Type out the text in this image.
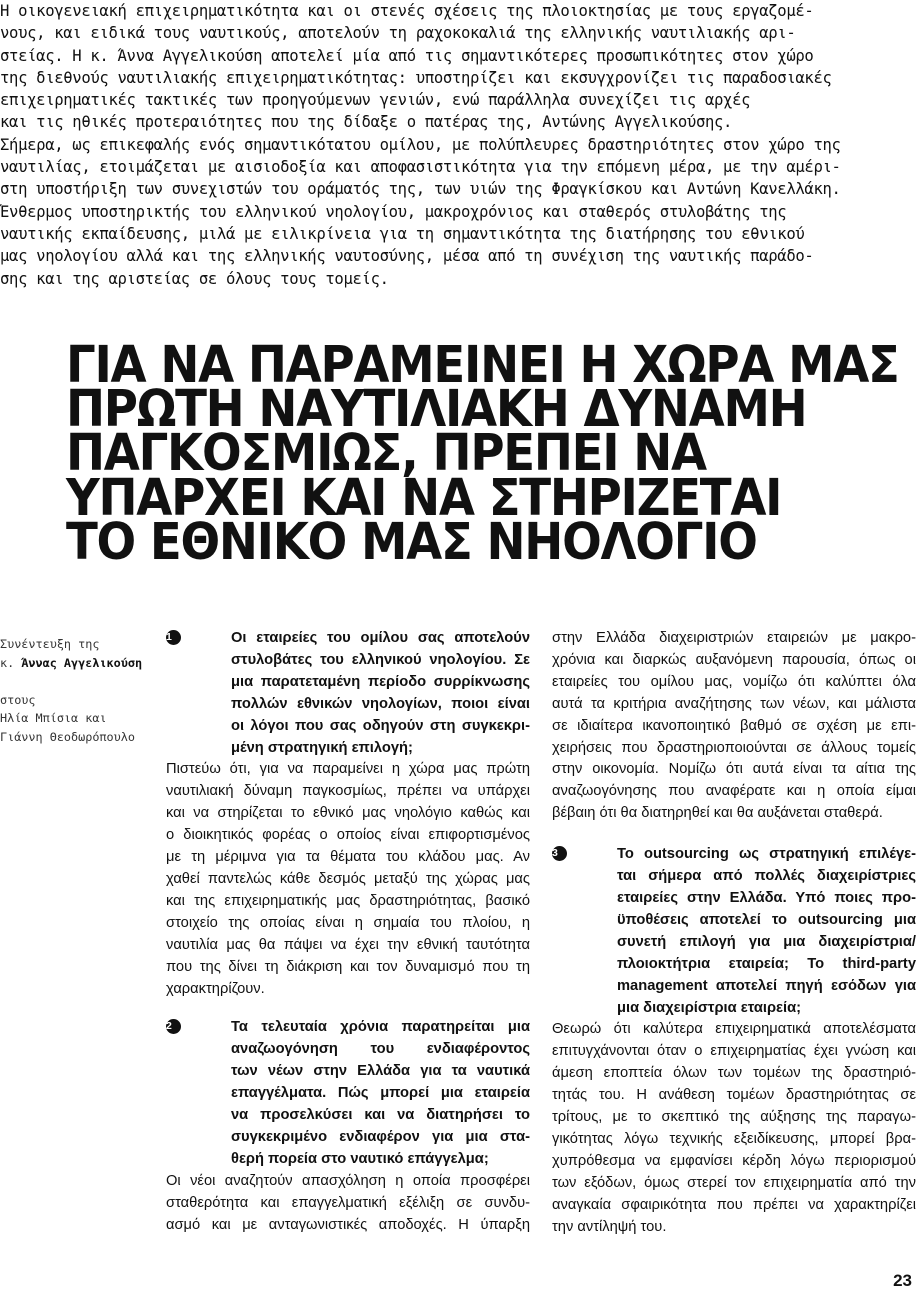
Η οικογενειακή επιχειρηματικότητα και οι στενές σχέσεις της πλοιοκτησίας με τους εργαζομέ-
νους, και ειδικά τους ναυτικούς, αποτελούν τη ραχοκοκαλιά της ελληνικής ναυτιλιακής αρι-
στείας. Η κ. Άννα Αγγελικούση αποτελεί μία από τις σημαντικότερες προσωπικότητες στον χώρο
της διεθνούς ναυτιλιακής επιχειρηματικότητας: υποστηρίζει και εκσυγχρονίζει τις παραδοσιακές
επιχειρηματικές τακτικές των προηγούμενων γενιών, ενώ παράλληλα συνεχίζει τις αρχές
και τις ηθικές προτεραιότητες που της δίδαξε ο πατέρας της, Αντώνης Αγγελικούσης.
Σήμερα, ως επικεφαλής ενός σημαντικότατου ομίλου, με πολύπλευρες δραστηριότητες στον χώρο της
ναυτιλίας, ετοιμάζεται με αισιοδοξία και αποφασιστικότητα για την επόμενη μέρα, με την αμέρι-
στη υποστήριξη των συνεχιστών του οράματός της, των υιών της Φραγκίσκου και Αντώνη Κανελλάκη.
Ένθερμος υποστηρικτής του ελληνικού νηολογίου, μακροχρόνιος και σταθερός στυλοβάτης της
ναυτικής εκπαίδευσης, μιλά με ειλικρίνεια για τη σημαντικότητα της διατήρησης του εθνικού
μας νηολογίου αλλά και της ελληνικής ναυτοσύνης, μέσα από τη συνέχιση της ναυτικής παράδο-
σης και της αριστείας σε όλους τους τομείς.
ΓΙΑ ΝΑ ΠΑΡΑΜΕΙΝΕΙ Η ΧΩΡΑ ΜΑΣ
ΠΡΩΤΗ ΝΑΥΤΙΛΙΑΚΗ ΔΥΝΑΜΗ
ΠΑΓΚΟΣΜΙΩΣ, ΠΡΕΠΕΙ ΝΑ
ΥΠΑΡΧΕΙ ΚΑΙ ΝΑ ΣΤΗΡΙΖΕΤΑΙ
ΤΟ ΕΘΝΙΚΟ ΜΑΣ ΝΗΟΛΟΓΙΟ
Συνέντευξη της
κ. Άννας Αγγελικούση
στους
Ηλία Μπίσια και
Γιάννη Θεοδωρόπουλο
1	Οι εταιρείες του ομίλου σας αποτελούν
στυλοβάτες του ελληνικού νηολογίου. Σε
μια παρατεταμένη περίοδο συρρίκνωσης
πολλών εθνικών νηολογίων, ποιοι είναι
οι λόγοι που σας οδηγούν στη συγκεκρι-
μένη στρατηγική επιλογή;
Πιστεύω ότι, για να παραμείνει η χώρα μας πρώτη
ναυτιλιακή δύναμη παγκοσμίως, πρέπει να υπάρχει
και να στηρίζεται το εθνικό μας νηολόγιο καθώς και
ο διοικητικός φορέας ο οποίος είναι επιφορτισμένος
με τη μέριμνα για τα θέματα του κλάδου μας. Αν
χαθεί παντελώς κάθε δεσμός μεταξύ της χώρας μας
και της επιχειρηματικής μας δραστηριότητας, βασικό
στοιχείο της οποίας είναι η σημαία του πλοίου, η
ναυτιλία μας θα πάψει να έχει την εθνική ταυτότητα
που της δίνει τη διάκριση και τον δυναμισμό που τη
χαρακτηρίζουν.
2	Τα τελευταία χρόνια παρατηρείται μια
αναζωογόνηση του ενδιαφέροντος
των νέων στην Ελλάδα για τα ναυτικά
επαγγέλματα. Πώς μπορεί μια εταιρεία
να προσελκύσει και να διατηρήσει το
συγκεκριμένο ενδιαφέρον για μια στα-
θερή πορεία στο ναυτικό επάγγελμα;
Οι νέοι αναζητούν απασχόληση η οποία προσφέρει
σταθερότητα και επαγγελματική εξέλιξη σε συνδυ-
ασμό και με ανταγωνιστικές αποδοχές. Η ύπαρξη
στην Ελλάδα διαχειριστριών εταιρειών με μακρο-
χρόνια και διαρκώς αυξανόμενη παρουσία, όπως οι
εταιρείες του ομίλου μας, νομίζω ότι καλύπτει όλα
αυτά τα κριτήρια αναζήτησης των νέων, και μάλιστα
σε ιδιαίτερα ικανοποιητικό βαθμό σε σχέση με επι-
χειρήσεις που δραστηριοποιούνται σε άλλους τομείς
στην οικονομία. Νομίζω ότι αυτά είναι τα αίτια της
αναζωογόνησης που αναφέρατε και η οποία είμαι
βέβαιη ότι θα διατηρηθεί και θα αυξάνεται σταθερά.
3	Το outsourcing ως στρατηγική επιλέγε-
ται σήμερα από πολλές διαχειρίστριες
εταιρείες στην Ελλάδα. Υπό ποιες προ-
ϋποθέσεις αποτελεί το outsourcing μια
συνετή επιλογή για μια διαχειρίστρια/
πλοιοκτήτρια εταιρεία; Το third-party
management αποτελεί πηγή εσόδων για
μια διαχειρίστρια εταιρεία;
Θεωρώ ότι καλύτερα επιχειρηματικά αποτελέσματα
επιτυγχάνονται όταν ο επιχειρηματίας έχει γνώση και
άμεση εποπτεία όλων των τομέων της δραστηριό-
τητάς του. Η ανάθεση τομέων δραστηριότητας σε
τρίτους, με το σκεπτικό της αύξησης της παραγω-
γικότητας λόγω τεχνικής εξειδίκευσης, μπορεί βρα-
χυπρόθεσμα να εμφανίσει κέρδη λόγω περιορισμού
των εξόδων, όμως στερεί τον επιχειρηματία από την
αναγκαία σφαιρικότητα που πρέπει να χαρακτηρίζει
την αντίληψή του.
23
